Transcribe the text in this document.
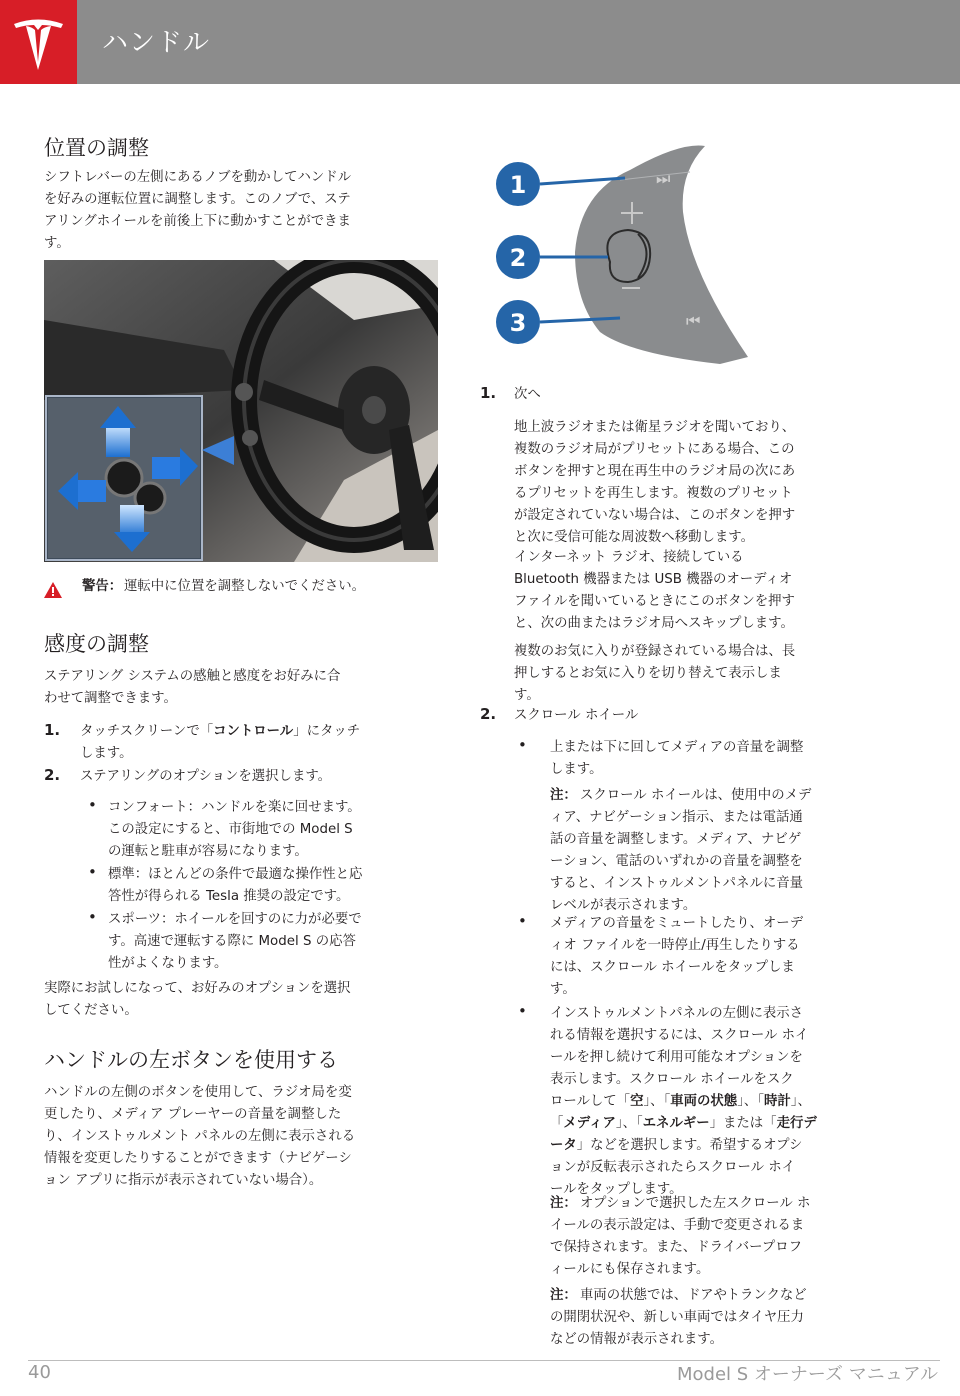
ハンドル
位置の調整

シフトレバーの左側にあるノブを動かしてハンドル

を好みの運転位置に調整します。このノブで、ステ

アリングホイールを前後上下に動かすことができま

す。

警告： 運転中に位置を調整しないでください。
感度の調整

ステアリング システムの感触と感度をお好みに合

わせて調整できます。

1. タッチスクリーンで「コントロール」にタッチ

します。

2. ステアリングのオプションを選択します。

• コンフォート：ハンドルを楽に回せます。

この設定にすると、市街地での Model S

の運転と駐車が容易になります。

• 標準：ほとんどの条件で最適な操作性と応

答性が得られる Tesla 推奨の設定です。

• スポーツ：ホイールを回すのに力が必要で

す。高速で運転する際に Model S の応答

性がよくなります。

実際にお試しになって、お好みのオプションを選択

してください。

ハンドルの左ボタンを使用する

ハンドルの左側のボタンを使用して、ラジオ局を変

更したり、メディア プレーヤーの音量を調整した

り、インストゥルメント パネルの左側に表示される

情報を変更したりすることができます（ナビゲーシ

ョン アプリに指示が表示されていない場合）。

⏭
⏮
1
2
3
1. 次へ

地上波ラジオまたは衛星ラジオを聞いており、

複数のラジオ局がプリセットにある場合、この

ボタンを押すと現在再生中のラジオ局の次にあ

るプリセットを再生します。複数のプリセット

が設定されていない場合は、このボタンを押す

と次に受信可能な周波数へ移動します。

インターネット ラジオ、接続している

Bluetooth 機器または USB 機器のオーディオ

ファイルを聞いているときにこのボタンを押す

と、次の曲またはラジオ局へスキップします。

複数のお気に入りが登録されている場合は、長

押しするとお気に入りを切り替えて表示しま

す。

2. スクロール ホイール

• 上または下に回してメディアの音量を調整

します。

注： スクロール ホイールは、使用中のメデ

ィア、ナビゲーション指示、または電話通

話の音量を調整します。メディア、ナビゲ

ーション、電話のいずれかの音量を調整を

すると、インストゥルメントパネルに音量

レベルが表示されます。

• メディアの音量をミュートしたり、オーデ

ィオ ファイルを一時停止/再生したりする

には、スクロール ホイールをタップしま

す。

• インストゥルメントパネルの左側に表示さ

れる情報を選択するには、スクロール ホイ

ールを押し続けて利用可能なオプションを

表示します。スクロール ホイールをスク

ロールして「空」、「車両の状態」、「時計」、

「メディア」、「エネルギー」または「走行デ

ータ」などを選択します。希望するオプシ

ョンが反転表示されたらスクロール ホイ

ールをタップします。

注： オプションで選択した左スクロール ホ

イールの表示設定は、手動で変更されるま

で保持されます。また、ドライバープロフ

ィールにも保存されます。

注： 車両の状態では、ドアやトランクなど

の開閉状況や、新しい車両ではタイヤ圧力

などの情報が表示されます。

40	Model S オーナーズ マニュアル
